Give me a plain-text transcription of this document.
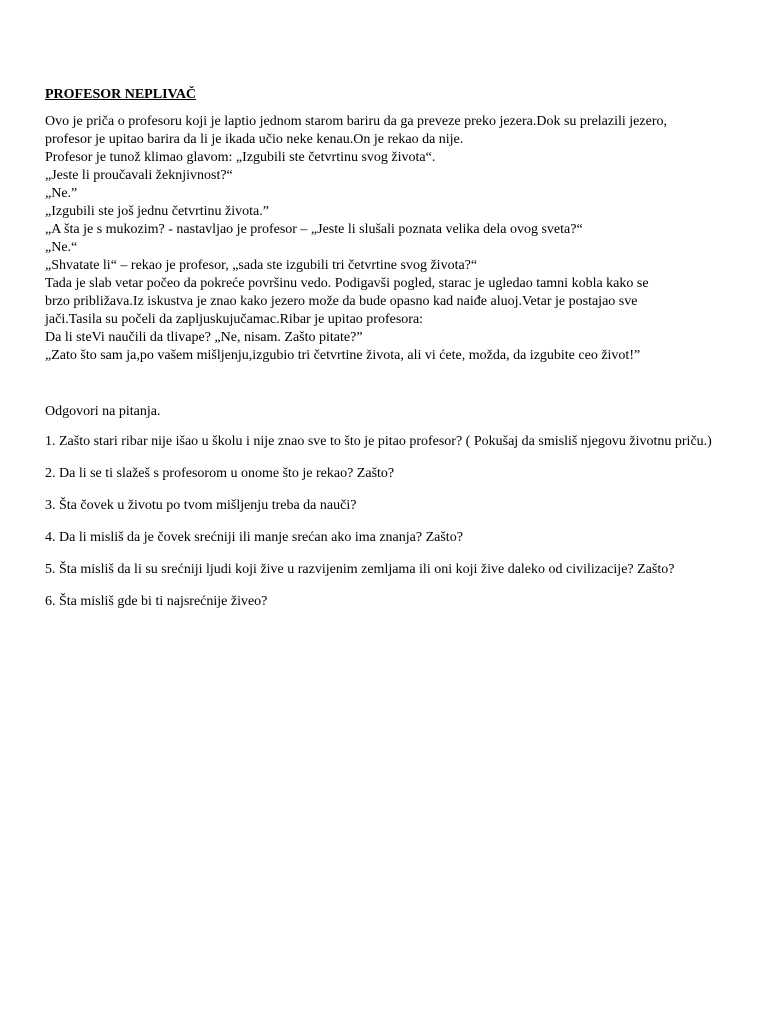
PROFESOR NEPLIVAČ

Ovo je priča o profesoru koji je laptio jednom starom bariru da ga preveze preko jezera.Dok su prelazili jezero,

profesor je upitao barira da li je ikada učio neke kenau.On je rekao da nije.

Profesor je tunož klimao glavom: „Izgubili ste četvrtinu svog života“.

„Jeste li proučavali žeknjivnost?“

„Ne.”

„Izgubili ste još jednu četvrtinu života.”

„A šta je s mukozim? - nastavljao je profesor – „Jeste li slušali poznata velika dela ovog sveta?“

„Ne.“

„Shvatate li“ – rekao je profesor, „sada ste izgubili tri četvrtine svog života?“

Tada je slab vetar počeo da pokreće površinu vedo. Podigavši pogled, starac je ugledao tamni kobla kako se

brzo približava.Iz iskustva je znao kako jezero može da bude opasno kad naiđe aluoj.Vetar je postajao sve

jači.Tasila su počeli da zapljuskujučamac.Ribar je upitao profesora:

Da li steVi naučili da tlivape? „Ne, nisam. Zašto pitate?”

„Zato što sam ja,po vašem mišljenju,izgubio tri četvrtine života, ali vi ćete, možda, da izgubite ceo život!”

Odgovori na pitanja.

1. Zašto stari ribar nije išao u školu i nije znao sve to što je pitao profesor? ( Pokušaj da smisliš njegovu životnu priču.)

2. Da li se ti slažeš s profesorom u onome što je rekao? Zašto?

3. Šta čovek u životu po tvom mišljenju treba da nauči?

4. Da li misliš da je čovek srećniji ili manje srećan ako ima znanja? Zašto?

5. Šta misliš da li su srećniji ljudi koji žive u razvijenim zemljama ili oni koji žive daleko od civilizacije? Zašto?

6. Šta misliš gde bi ti najsrećnije živeo?
